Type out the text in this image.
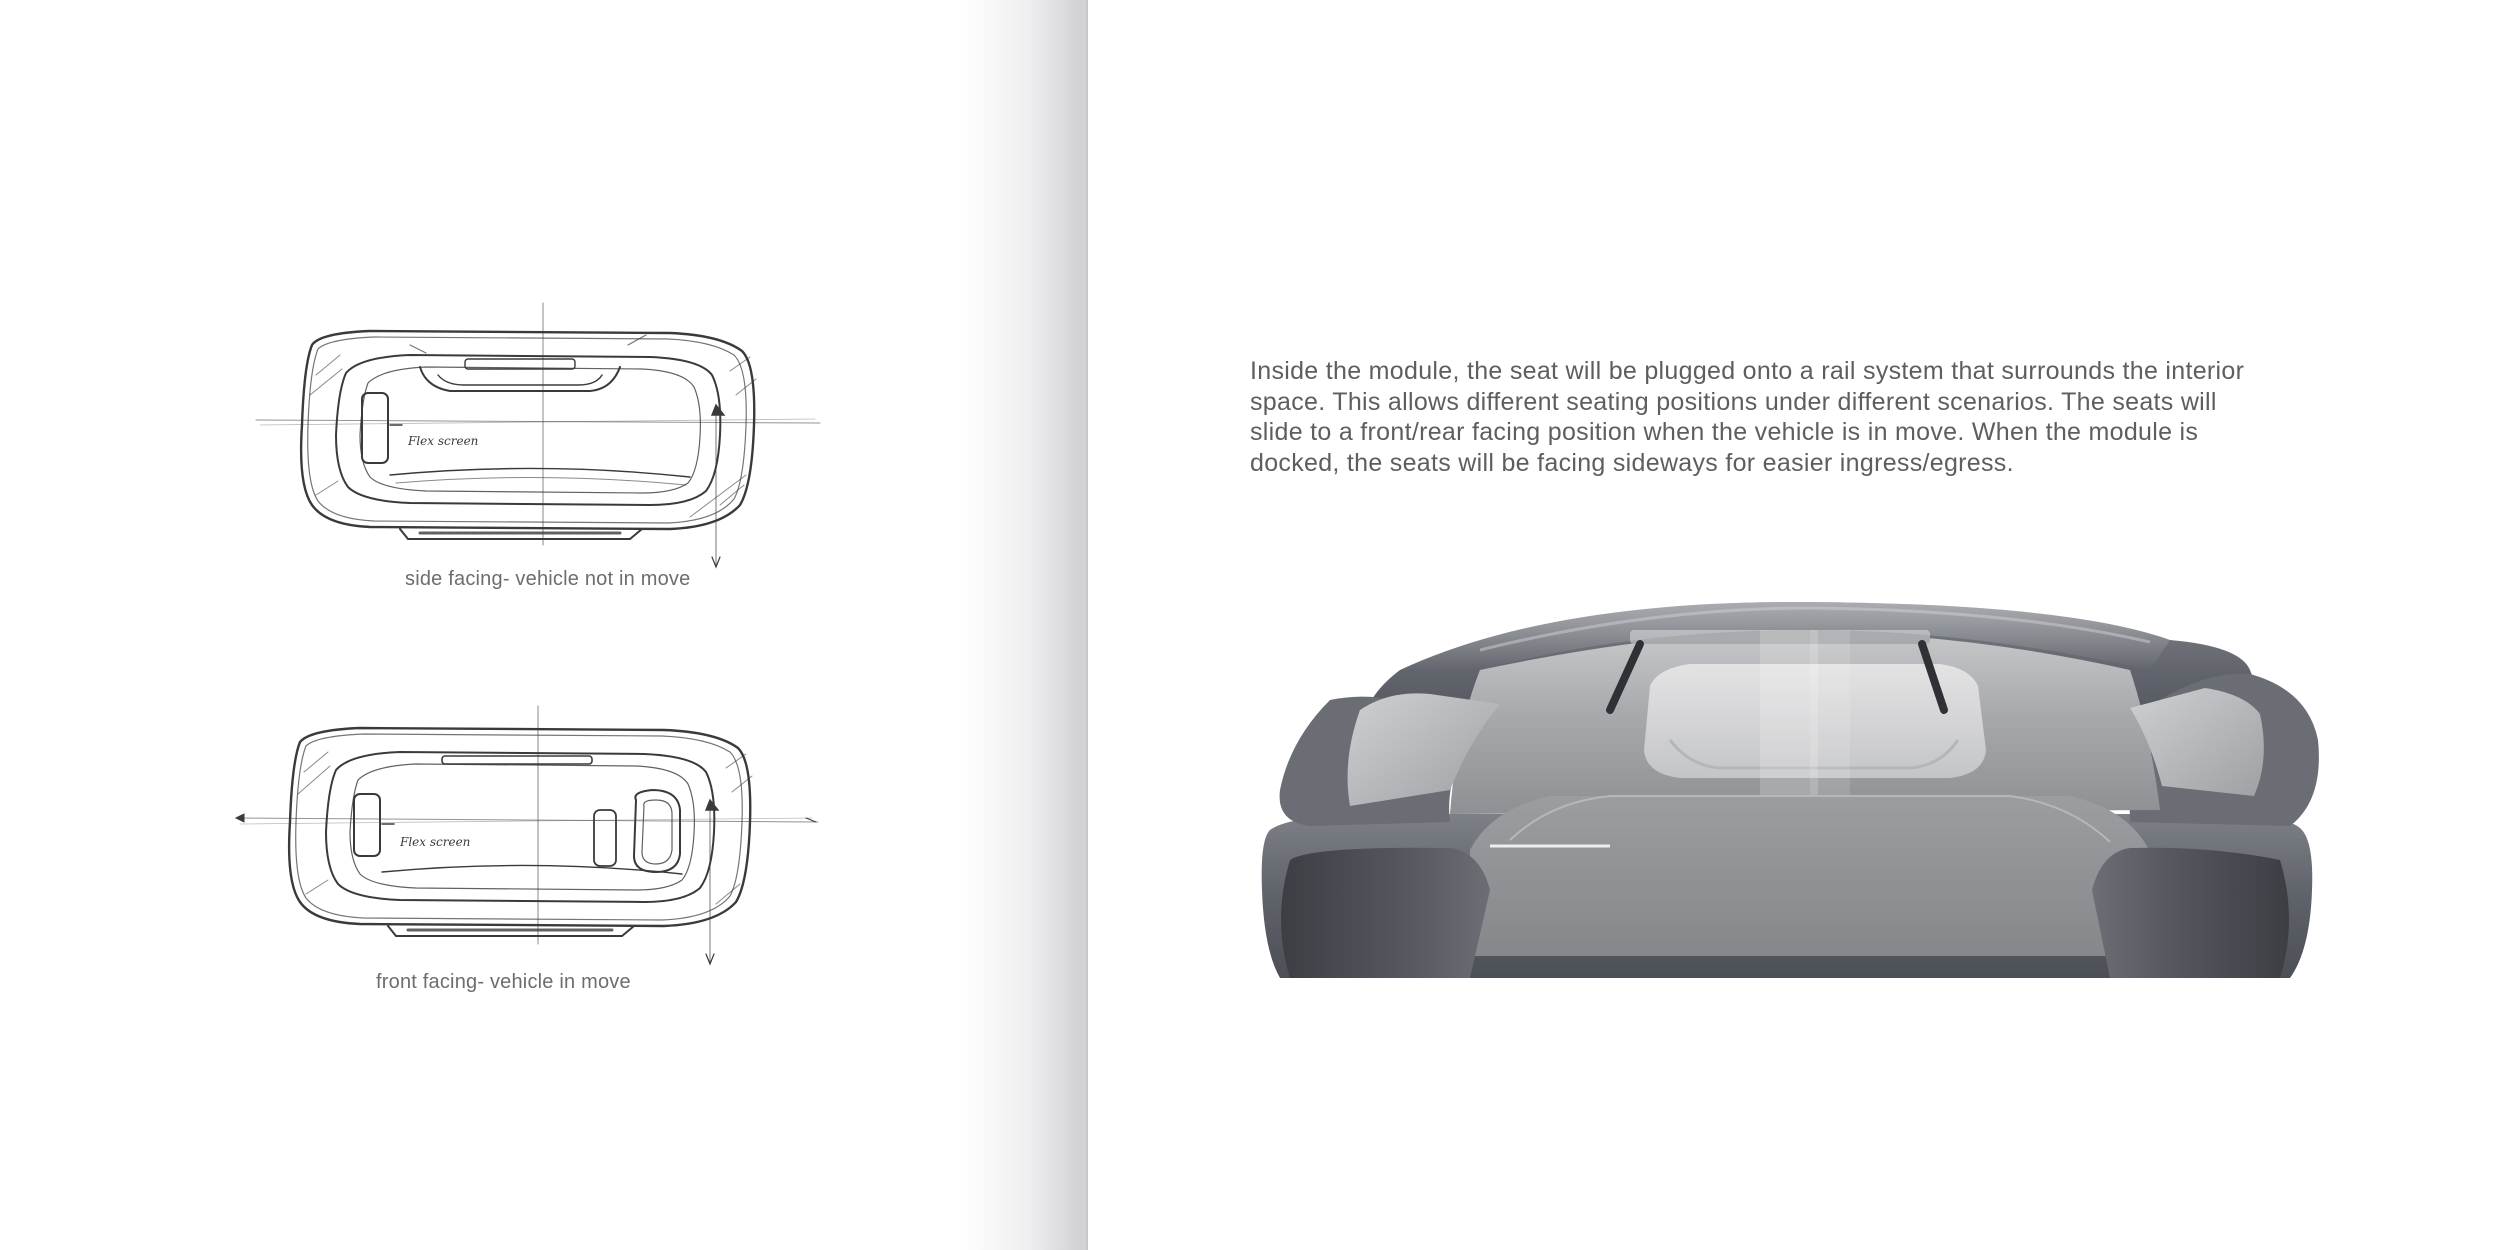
Flex screen
side facing- vehicle not in move
Flex screen
front facing- vehicle in move
Inside the module, the seat will be plugged onto a rail system that surrounds the interior
space. This allows different seating positions under different scenarios. The seats will
slide to a front/rear facing position when the vehicle is in move. When the module is
docked, the seats will be facing sideways for easier ingress/egress.
